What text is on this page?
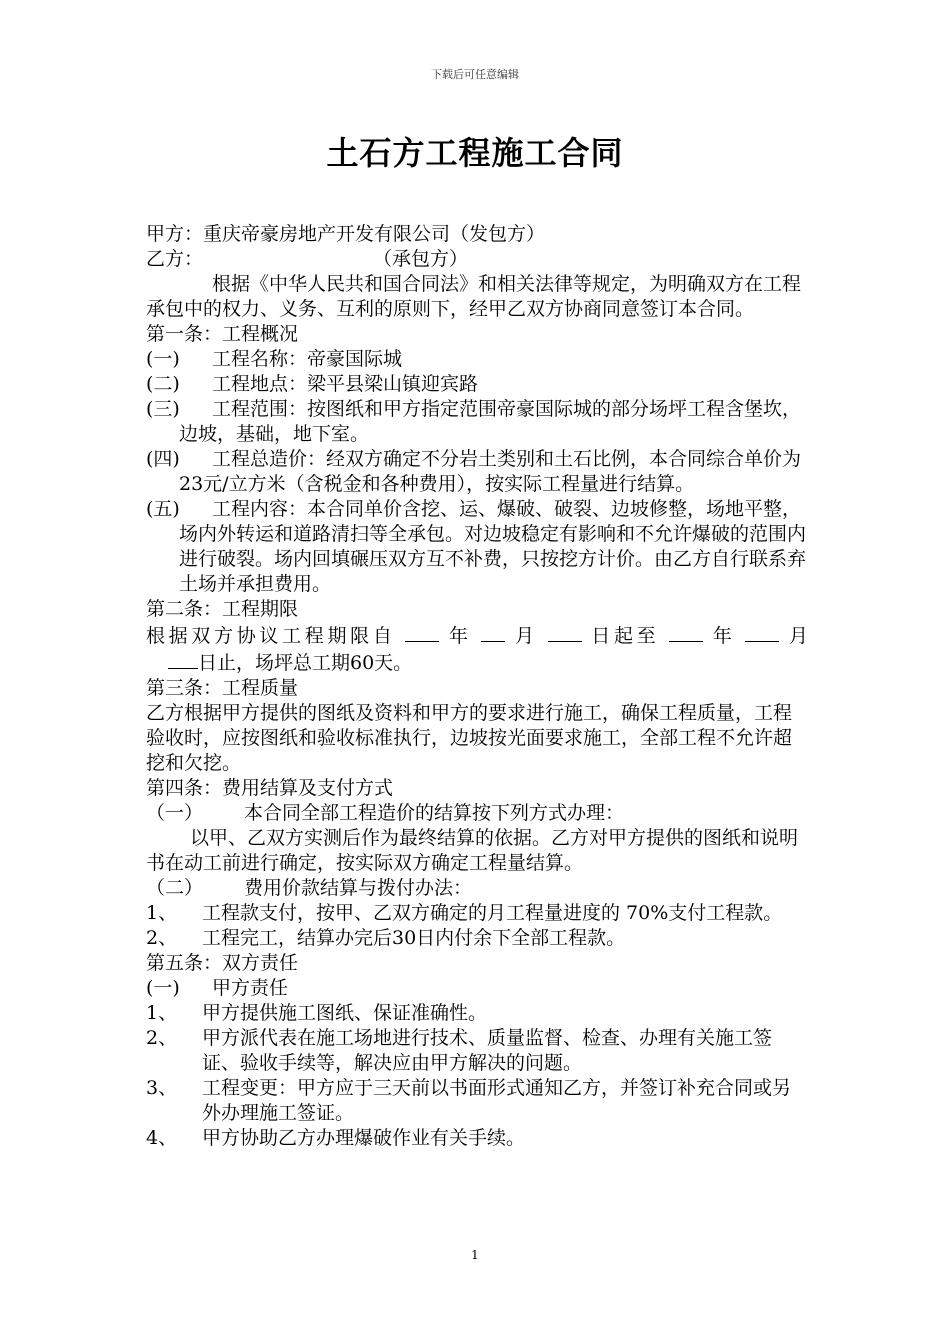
下载后可任意编辑
土石方工程施工合同
甲方：重庆帝豪房地产开发有限公司（发包方）
乙方：	（承包方）
根据《中华人民共和国合同法》和相关法律等规定，为明确双方在工程承包中的权力、义务、互利的原则下，经甲乙双方协商同意签订本合同。
第一条：工程概况
(一) 工程名称：帝豪国际城
(二) 工程地点：梁平县梁山镇迎宾路
(三) 工程范围：按图纸和甲方指定范围帝豪国际城的部分场坪工程含堡坎，边坡，基础，地下室。
(四) 工程总造价：经双方确定不分岩土类别和土石比例，本合同综合单价为23元/立方米（含税金和各种费用），按实际工程量进行结算。
(五) 工程内容：本合同单价含挖、运、爆破、破裂、边坡修整，场地平整，场内外转运和道路清扫等全承包。对边坡稳定有影响和不允许爆破的范围内进行破裂。场内回填碾压双方互不补费，只按挖方计价。由乙方自行联系弃土场并承担费用。
第二条：工程期限
根据双方协议工程期限自	年 月	日起至	年	月
日止，场坪总工期60天。
第三条：工程质量
乙方根据甲方提供的图纸及资料和甲方的要求进行施工，确保工程质量，工程验收时，应按图纸和验收标准执行，边坡按光面要求施工，全部工程不允许超挖和欠挖。
第四条：费用结算及支付方式
（一） 本合同全部工程造价的结算按下列方式办理：
以甲、乙双方实测后作为最终结算的依据。乙方对甲方提供的图纸和说明书在动工前进行确定，按实际双方确定工程量结算。
（二） 费用价款结算与拨付办法：
1、 工程款支付，按甲、乙双方确定的月工程量进度的 70%支付工程款。
2、 工程完工，结算办完后30日内付余下全部工程款。
第五条：双方责任
(一) 甲方责任
1、 甲方提供施工图纸、保证准确性。
2、 甲方派代表在施工场地进行技术、质量监督、检查、办理有关施工签证、验收手续等，解决应由甲方解决的问题。
3、 工程变更：甲方应于三天前以书面形式通知乙方，并签订补充合同或另外办理施工签证。
4、 甲方协助乙方办理爆破作业有关手续。
1
